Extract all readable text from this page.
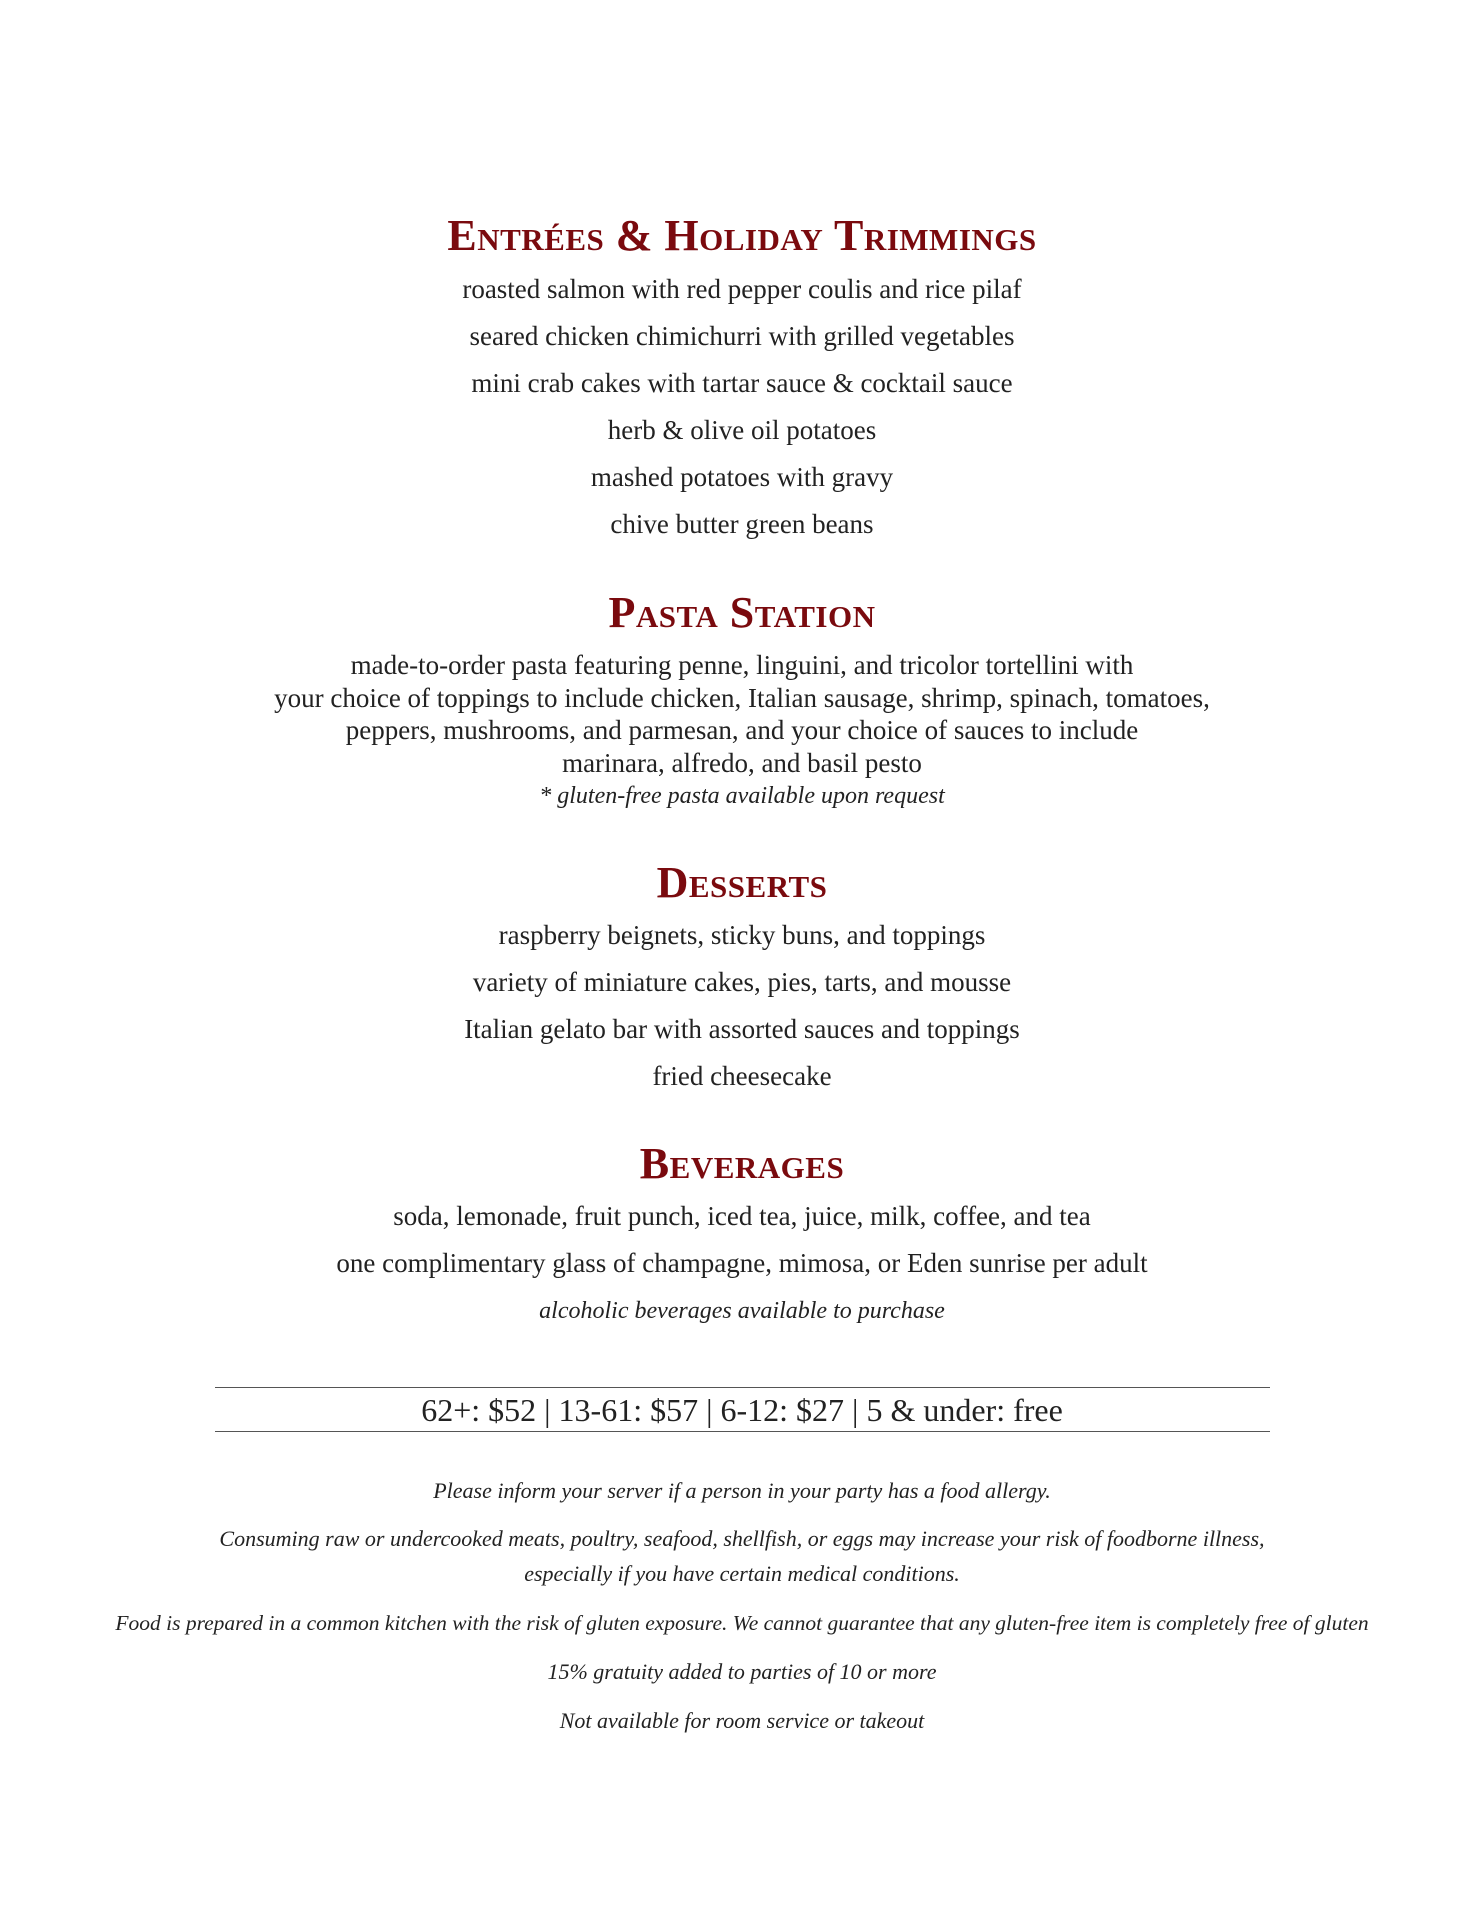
Entrées & Holiday Trimmings
roasted salmon with red pepper coulis and rice pilaf
seared chicken chimichurri with grilled vegetables
mini crab cakes with tartar sauce & cocktail sauce
herb & olive oil potatoes
mashed potatoes with gravy
chive butter green beans
Pasta Station
made-to-order pasta featuring penne, linguini, and tricolor tortellini with
your choice of toppings to include chicken, Italian sausage, shrimp, spinach, tomatoes,
peppers, mushrooms, and parmesan, and your choice of sauces to include
marinara, alfredo, and basil pesto
* gluten-free pasta available upon request
Desserts
raspberry beignets, sticky buns, and toppings
variety of miniature cakes, pies, tarts, and mousse
Italian gelato bar with assorted sauces and toppings
fried cheesecake
Beverages
soda, lemonade, fruit punch, iced tea, juice, milk, coffee, and tea
one complimentary glass of champagne, mimosa, or Eden sunrise per adult
alcoholic beverages available to purchase
62+: $52 | 13-61: $57 | 6-12: $27 | 5 & under: free
Please inform your server if a person in your party has a food allergy.
Consuming raw or undercooked meats, poultry, seafood, shellfish, or eggs may increase your risk of foodborne illness,
especially if you have certain medical conditions.
Food is prepared in a common kitchen with the risk of gluten exposure. We cannot guarantee that any gluten-free item is completely free of gluten
15% gratuity added to parties of 10 or more
Not available for room service or takeout
